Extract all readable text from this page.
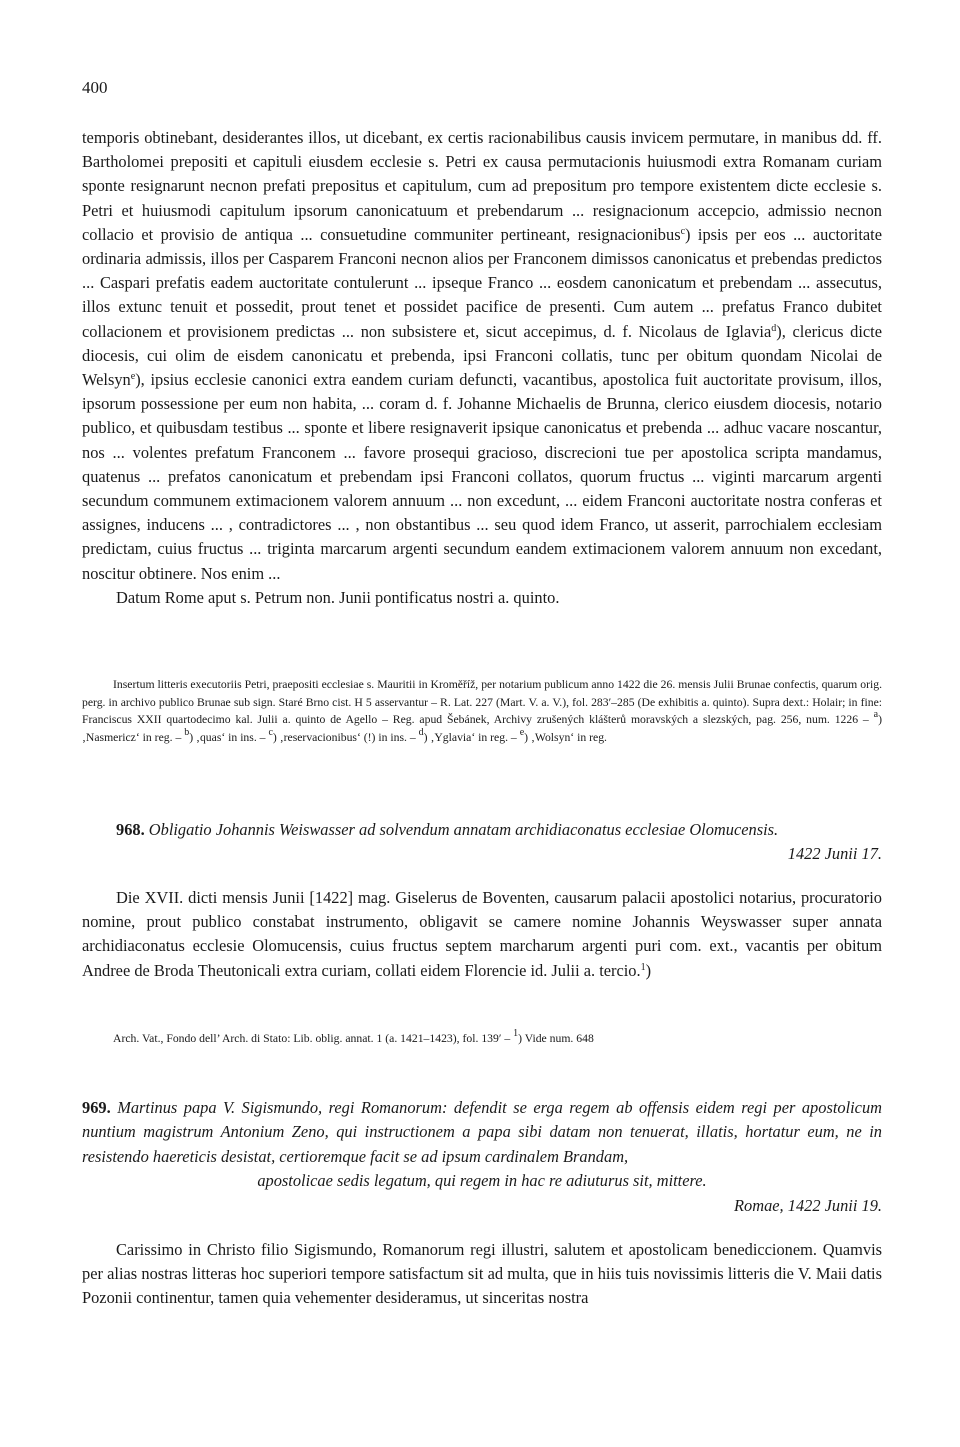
400

temporis obtinebant, desiderantes illos, ut dicebant, ex certis racionabilibus causis invicem permutare, in manibus dd. ff. Bartholomei prepositi et capituli eiusdem ecclesie s. Petri ex causa permutacionis huiusmodi extra Romanam curiam sponte resignarunt necnon prefati prepositus et capitulum, cum ad prepositum pro tempore existentem dicte ecclesie s. Petri et huiusmodi capitulum ipsorum canonicatuum et prebendarum ... resignacionum accepcio, admissio necnon collacio et provisio de antiqua ... consuetudine communiter pertineant, resignacionibus$^c$) ipsis per eos ... auctoritate ordinaria admissis, illos per Casparem Franconi necnon alios per Franconem dimissos canonicatus et prebendas predictos ... Caspari prefatis eadem auctoritate contulerunt ... ipseque Franco ... eosdem canonicatum et prebendam ... assecutus, illos extunc tenuit et possedit, prout tenet et possidet pacifice de presenti. Cum autem ... prefatus Franco dubitet collacionem et provisionem predictas ... non subsistere et, sicut accepimus, d. f. Nicolaus de Iglavia$^d$), clericus dicte diocesis, cui olim de eisdem canonicatu et prebenda, ipsi Franconi collatis, tunc per obitum quondam Nicolai de Welsyn$^e$), ipsius ecclesie canonici extra eandem curiam defuncti, vacantibus, apostolica fuit auctoritate provisum, illos, ipsorum possessione per eum non habita, ... coram d. f. Johanne Michaelis de Brunna, clerico eiusdem diocesis, notario publico, et quibusdam testibus ... sponte et libere resignaverit ipsique canonicatus et prebenda ... adhuc vacare noscantur, nos ... volentes prefatum Franconem ... favore prosequi gracioso, discrecioni tue per apostolica scripta mandamus, quatenus ... prefatos canonicatum et prebendam ipsi Franconi collatos, quorum fructus ... viginti marcarum argenti secundum communem extimacionem valorem annuum ... non excedunt, ... eidem Franconi auctoritate nostra conferas et assignes, inducens ... , contradictores ... , non obstantibus ... seu quod idem Franco, ut asserit, parrochialem ecclesiam predictam, cuius fructus ... triginta marcarum argenti secundum eandem extimacionem valorem annuum non excedant, noscitur obtinere. Nos enim ...

Datum Rome aput s. Petrum non. Junii pontificatus nostri a. quinto.

Insertum litteris executoriis Petri, praepositi ecclesiae s. Mauritii in Kroměříž, per notarium publicum anno 1422 die 26. mensis Julii Brunae confectis, quarum orig. perg. in archivo publico Brunae sub sign. Staré Brno cist. H 5 asservantur – R. Lat. 227 (Mart. V. a. V.), fol. 283′–285 (De exhibitis a. quinto). Supra dext.: Holair; in fine: Franciscus XXII quartodecimo kal. Julii a. quinto de Agello – Reg. apud Šebánek, Archivy zrušených klášterů moravských a slezských, pag. 256, num. 1226 – $^a$) ‚Nasmericz‘ in reg. – $^b$) ‚quas‘ in ins. – $^c$) ‚reservacionibus‘ (!) in ins. – $^d$) ‚Yglavia‘ in reg. – $^e$) ‚Wolsyn‘ in reg.

968. Obligatio Johannis Weiswasser ad solvendum annatam archidiaconatus ecclesiae Olomucensis.
1422 Junii 17.

Die XVII. dicti mensis Junii [1422] mag. Giselerus de Boventen, causarum palacii apostolici notarius, procuratorio nomine, prout publico constabat instrumento, obligavit se camere nomine Johannis Weyswasser super annata archidiaconatus ecclesie Olomucensis, cuius fructus septem marcharum argenti puri com. ext., vacantis per obitum Andree de Broda Theutonicali extra curiam, collati eidem Florencie id. Julii a. tercio.$^1$)

Arch. Vat., Fondo dell’ Arch. di Stato: Lib. oblig. annat. 1 (a. 1421–1423), fol. 139′ – $^1$) Vide num. 648

969. Martinus papa V. Sigismundo, regi Romanorum: defendit se erga regem ab offensis eidem regi per apostolicum nuntium magistrum Antonium Zeno, qui instructionem a papa sibi datam non tenuerat, illatis, hortatur eum, ne in resistendo haereticis desistat, certioremque facit se ad ipsum cardinalem Brandam,
apostolicae sedis legatum, qui regem in hac re adiuturus sit, mittere.
Romae, 1422 Junii 19.

Carissimo in Christo filio Sigismundo, Romanorum regi illustri, salutem et apostolicam benediccionem. Quamvis per alias nostras litteras hoc superiori tempore satisfactum sit ad multa, que in hiis tuis novissimis litteris die V. Maii datis Pozonii continentur, tamen quia vehementer desideramus, ut sinceritas nostra
